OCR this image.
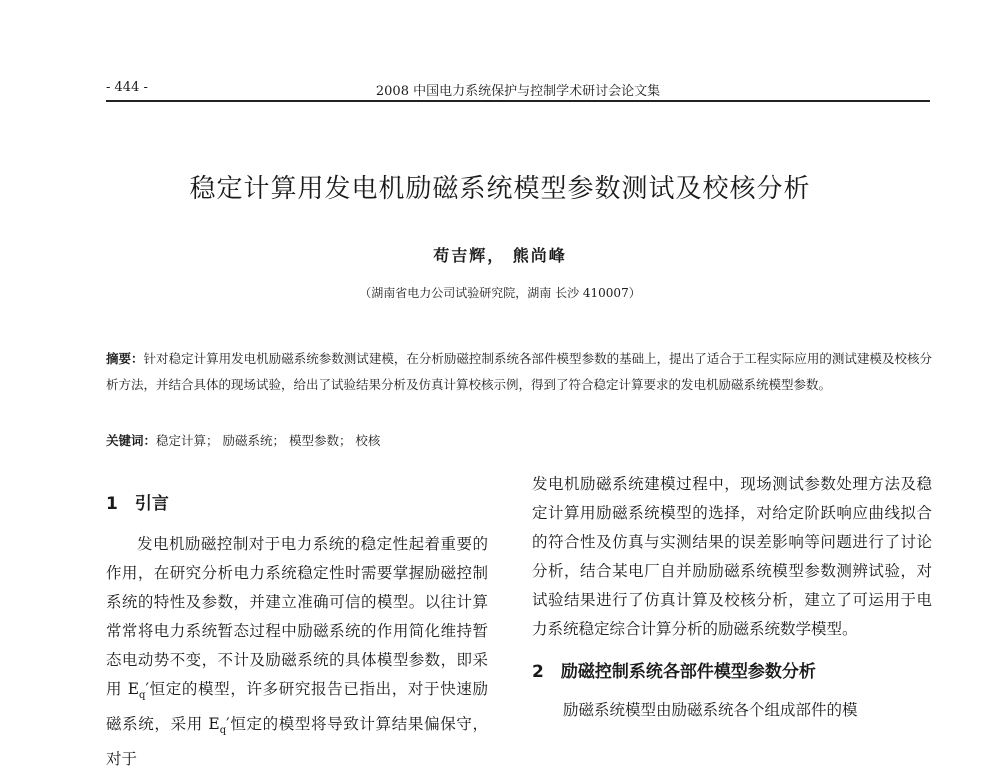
- 444 -	2008 中国电力系统保护与控制学术研讨会论文集
稳定计算用发电机励磁系统模型参数测试及校核分析
苟吉辉， 熊尚峰
（湖南省电力公司试验研究院，湖南 长沙 410007）
摘要：针对稳定计算用发电机励磁系统参数测试建模，在分析励磁控制系统各部件模型参数的基础上，提出了适合于工程实际应用的测试建模及校核分析方法，并结合具体的现场试验，给出了试验结果分析及仿真计算校核示例，得到了符合稳定计算要求的发电机励磁系统模型参数。
关键词：稳定计算； 励磁系统； 模型参数； 校核
1　引言

发电机励磁控制对于电力系统的稳定性起着重要的作用，在研究分析电力系统稳定性时需要掌握励磁控制系统的特性及参数，并建立准确可信的模型。以往计算常常将电力系统暂态过程中励磁系统的作用简化维持暂态电动势不变，不计及励磁系统的具体模型参数，即采用 $E_q'$恒定的模型，许多研究报告已指出，对于快速励磁系统，采用 $E_q'$恒定的模型将导致计算结果偏保守，对于

发电机励磁系统建模过程中，现场测试参数处理方法及稳定计算用励磁系统模型的选择，对给定阶跃响应曲线拟合的符合性及仿真与实测结果的误差影响等问题进行了讨论分析，结合某电厂自并励励磁系统模型参数测辨试验，对试验结果进行了仿真计算及校核分析，建立了可运用于电力系统稳定综合计算分析的励磁系统数学模型。

2　励磁控制系统各部件模型参数分析

励磁系统模型由励磁系统各个组成部件的模
